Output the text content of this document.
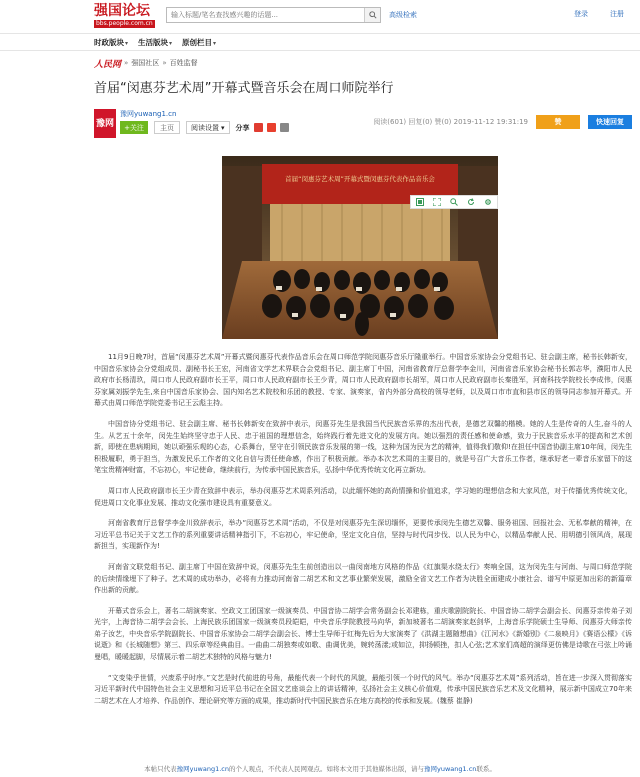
强国论坛
bbs.people.com.cn
输入标题/笔名查找感兴趣的话题...
高级检索	登录	注册
时政版块▾ 生活版块▾ 原创栏目▾
人民网 » 强国社区 » 百姓监督
首届“闵惠芬艺术周”开幕式暨音乐会在周口师院举行
豫网
豫网yuwang1.cn
+ 关注	主页	阅读设置 ▾ 分享
阅读(601) 回复(0) 赞(0) 2019-11-12 19:31:19	赞	快速回复
首届“闵惠芬艺术周”开幕式暨闵惠芬代表作品音乐会

11月9日晚7时，首届“闵惠芬艺术周”开幕式暨闵惠芬代表作品音乐会在周口师范学院闵惠芬音乐厅隆重举行。中国音乐家协会分党组书记、驻会副主席，秘书长韩新安，中国音乐家协会分党组成员、副秘书长王宏，河南省文学艺术界联合会党组书记、副主席丁中国，河南省教育厅总督学李金川，河南省音乐家协会秘书长郭志华，濮阳市人民政府市长杨清玖，周口市人民政府副市长王平，周口市人民政府副市长王少青，周口市人民政府副市长胡军，周口市人民政府副市长秦胜军，河南科技学院校长李成伟，闵惠芬家属刘振学先生,来自中国音乐家协会、国内知名艺术院校和乐团的教授、专家、演奏家，省内外部分高校的领导老师，以及周口市市直和县市区的领导同志参加开幕式。开幕式由周口师范学院党委书记王云彪主持。

中国音协分党组书记、驻会副主席、秘书长韩新安在致辞中表示，闵惠芬先生是我国当代民族音乐界的杰出代表，是德艺双馨的楷模。她的人生是传奇的人生,奋斗的人生。从艺五十余年，闵先生始终坚守忠于人民、忠于祖国的理想信念，始终践行着先进文化的发展方向。她以强烈的责任感和使命感，致力于民族音乐水平的提高和艺术创新，即使在患病期间，她以顽强乐观的心态，心系舞台，坚守在引领民族音乐发展的第一线，这种为国为民为艺的精神，值得我们敬仰!在担任中国音协副主席10年间，闵先生积极履职，勇于担当，为激发民乐工作者的文化自信与责任使命感，作出了积极贡献。举办本次艺术周的主要目的，就是号召广大音乐工作者，继承好老一辈音乐家留下的这笔宝贵精神财富，不忘初心，牢记使命，继续前行，为传承中国民族音乐，弘扬中华优秀传统文化再立新功。

周口市人民政府副市长王少青在致辞中表示，举办闵惠芬艺术周系列活动，以此缅怀她的高尚情操和价值追求，学习她的理想信念和大家风范，对于传播优秀传统文化，促进周口文化事业发展、推动文化强市建设具有重要意义。

河南省教育厅总督学李金川致辞表示，举办“闵惠芬艺术周”活动，不仅是对闵惠芬先生深切缅怀，更要传承闵先生德艺双馨、服务祖国、回报社会、无私奉献的精神，在习近平总书记关于文艺工作的系列重要讲话精神指引下，不忘初心，牢记使命，坚定文化自信，坚持与时代同步伐、以人民为中心，以精品奉献人民、用明德引领风尚，展现新担当，实现新作为!

河南省文联党组书记、副主席丁中国在致辞中说，闵惠芬先生生前创造出以一曲闵南地方风格的作品《红旗渠水绕太行》奏响全国，这为闵先生与河南、与周口师范学院的后续情缘埋下了种子。艺术周的成功举办，必将有力推动河南省二胡艺术和文艺事业繁荣发展，激励全省文艺工作者为决胜全面建成小康社会、谱写中原更加出彩的新篇章作出新的贡献。

开幕式音乐会上，著名二胡演奏家、空政文工团国家一级演奏员、中国音协二胡学会常务副会长邓建栋，重庆歌剧院院长、中国音协二胡学会副会长、闵惠芬亲传弟子刘光宇，上海音协二胡学会会长、上海民族乐团国家一级演奏员段皑皑，中央音乐学院教授马向华，新加坡著名二胡演奏家赵剑华，上海音乐学院硕士生导师、闵惠芬大师亲传弟子汝艺，中央音乐学院副院长、中国音乐家协会二胡学会副会长、博士生导师于红梅先后为大家演奏了《洪湖主题随想曲》《江河水》《新婚别》《二泉映月》《赛语公檬》《诉说逝》和《长城随想》第三、四乐章等经典曲目。一曲曲二胡独奏或如歌、曲调优美，婉转荡漾;或如泣，抑扬顿挫，扣人心弦;艺术家们高超的演绎更仿佛是诗歌在弓弦上吟诵曼唱，暖暖起脚，尽情展示着二胡艺术独特的风格与魅力!

“文变染乎世情，兴废系乎时序。”文艺是时代前进的号角，最能代表一个时代的风貌，最能引领一个时代的风气。举办“闵惠芬艺术周”系列活动，旨在进一步深入贯彻落实习近平新时代中国特色社会主义思想和习近平总书记在全国文艺座谈会上的讲话精神，弘扬社会主义核心价值观，传承中国民族音乐艺术及文化精神，展示新中国成立70年来二胡艺术在人才培养、作品创作、理论研究等方面的成果，推动新时代中国民族音乐在地方高校的传承和发展。(魏蔡 崔静)

本帖只代表豫网yuwang1.cn的个人观点，不代表人民网观点。如将本文用于其他媒体出版，请与豫网yuwang1.cn联系。
